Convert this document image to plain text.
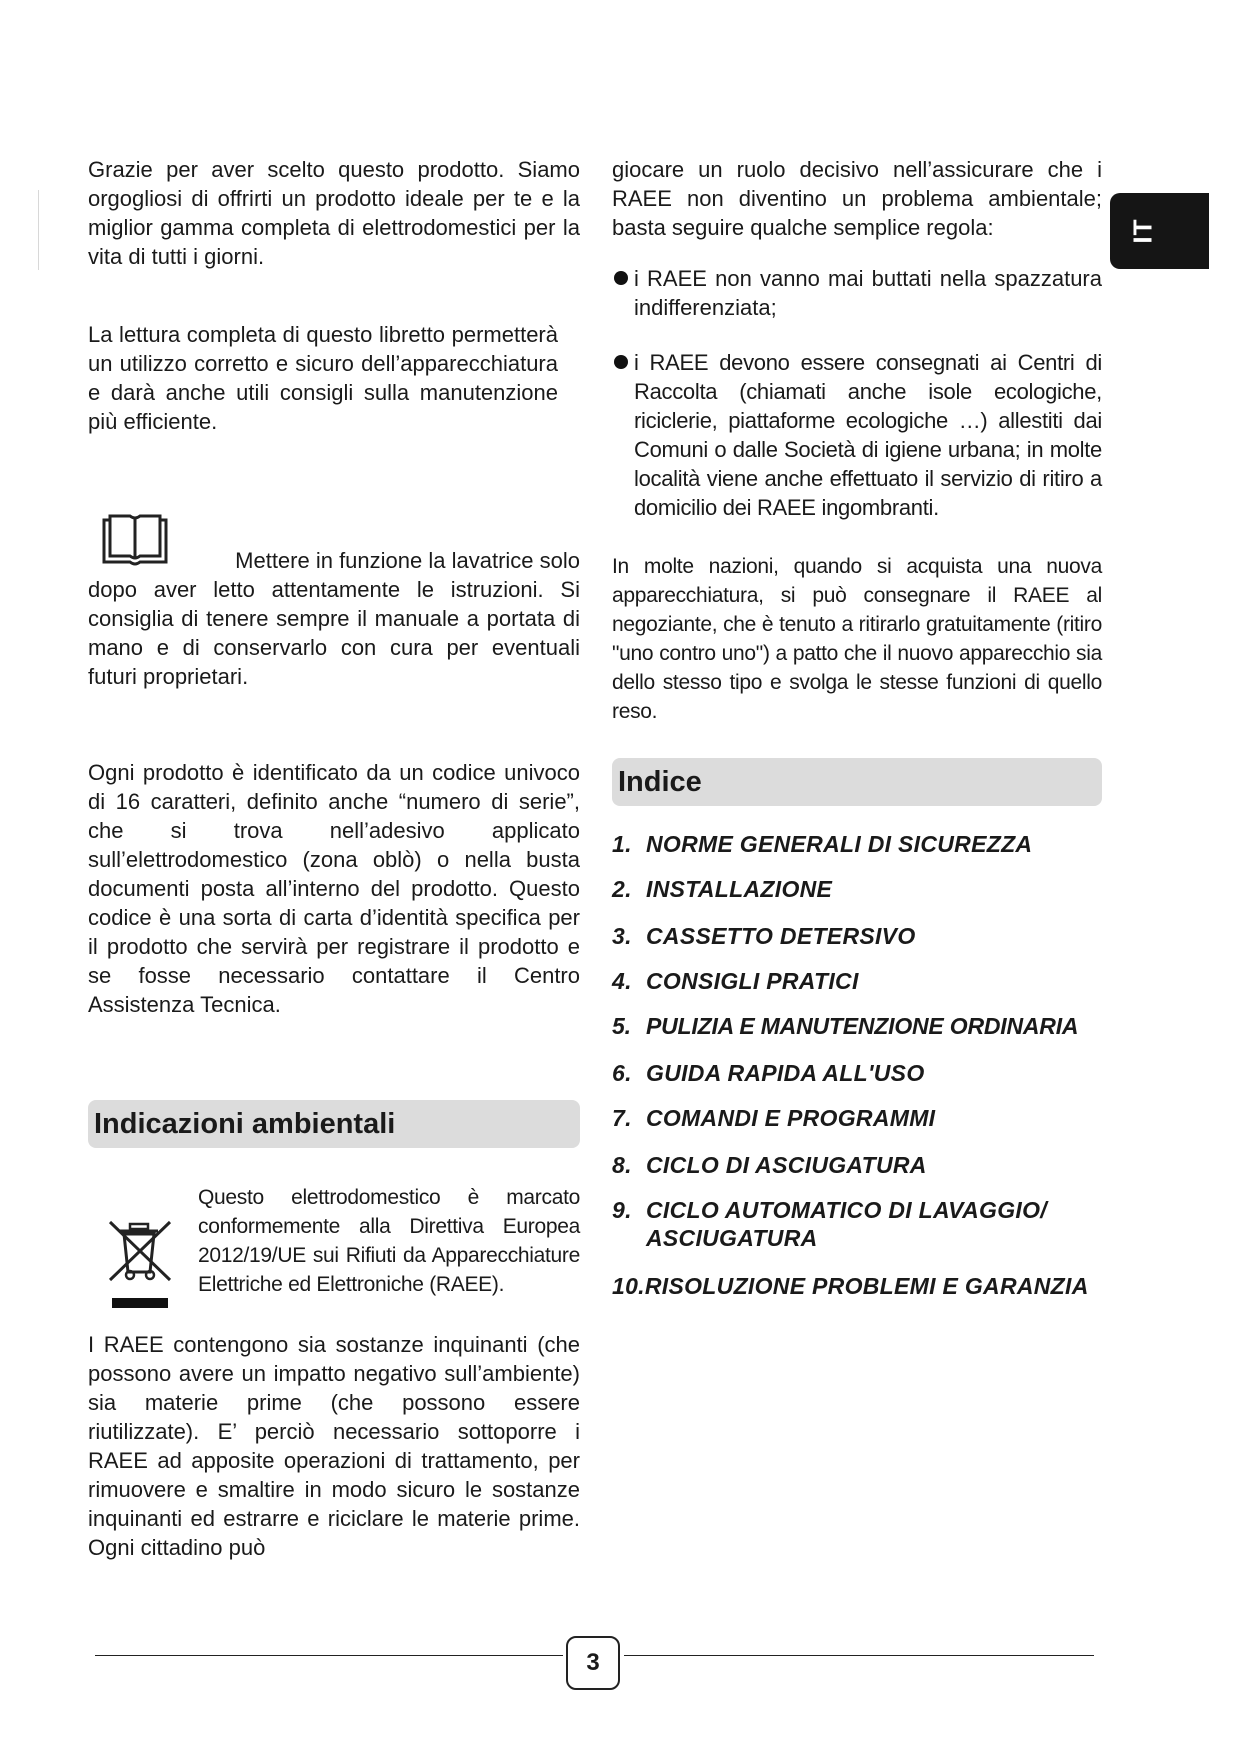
IT

Grazie per aver scelto questo prodotto. Siamo orgogliosi di offrirti un prodotto ideale per te e la miglior gamma completa di elettrodomestici per la vita di tutti i giorni.

La lettura completa di questo libretto permetterà un utilizzo corretto e sicuro dell’apparecchiatura e darà anche utili consigli sulla manutenzione più efficiente.

Mettere in funzione la lavatrice solo

dopo aver letto attentamente le istruzioni. Si consiglia di tenere sempre il manuale a portata di mano e di conservarlo con cura per eventuali futuri proprietari.

Ogni prodotto è identificato da un codice univoco di 16 caratteri, definito anche “numero di serie”, che si trova nell’adesivo applicato sull’elettrodomestico (zona oblò) o nella busta documenti posta all’interno del prodotto. Questo codice è una sorta di carta d’identità specifica per il prodotto che servirà per registrare il prodotto e se fosse necessario contattare il Centro Assistenza Tecnica.

Indicazioni ambientali

Questo elettrodomestico è marcato conformemente alla Direttiva Europea 2012/19/UE sui Rifiuti da Apparecchiature Elettriche ed Elettroniche (RAEE).

I RAEE contengono sia sostanze inquinanti (che possono avere un impatto negativo sull’ambiente) sia materie prime (che possono essere riutilizzate). E’ perciò necessario sottoporre i RAEE ad apposite operazioni di trattamento, per rimuovere e smaltire in modo sicuro le sostanze inquinanti ed estrarre e riciclare le materie prime. Ogni cittadino può

giocare un ruolo decisivo nell’assicurare che i RAEE non diventino un problema ambientale; basta seguire qualche semplice regola:

i RAEE non vanno mai buttati nella spazzatura indifferenziata;
i RAEE devono essere consegnati ai Centri di Raccolta (chiamati anche isole ecologiche, riciclerie, piattaforme ecologiche …) allestiti dai Comuni o dalle Società di igiene urbana; in molte località viene anche effettuato il servizio di ritiro a domicilio dei RAEE ingombranti.

In molte nazioni, quando si acquista una nuova apparecchiatura, si può consegnare il RAEE al negoziante, che è tenuto a ritirarlo gratuitamente (ritiro "uno contro uno") a patto che il nuovo apparecchio sia dello stesso tipo e svolga le stesse funzioni di quello reso.

Indice
1. NORME GENERALI DI SICUREZZA
2. INSTALLAZIONE
3. CASSETTO DETERSIVO
4. CONSIGLI PRATICI
5. PULIZIA E MANUTENZIONE ORDINARIA
6. GUIDA RAPIDA ALL'USO
7. COMANDI E PROGRAMMI
8. CICLO DI ASCIUGATURA
9. CICLO AUTOMATICO DI LAVAGGIO/
ASCIUGATURA
10.RISOLUZIONE PROBLEMI E GARANZIA
3
